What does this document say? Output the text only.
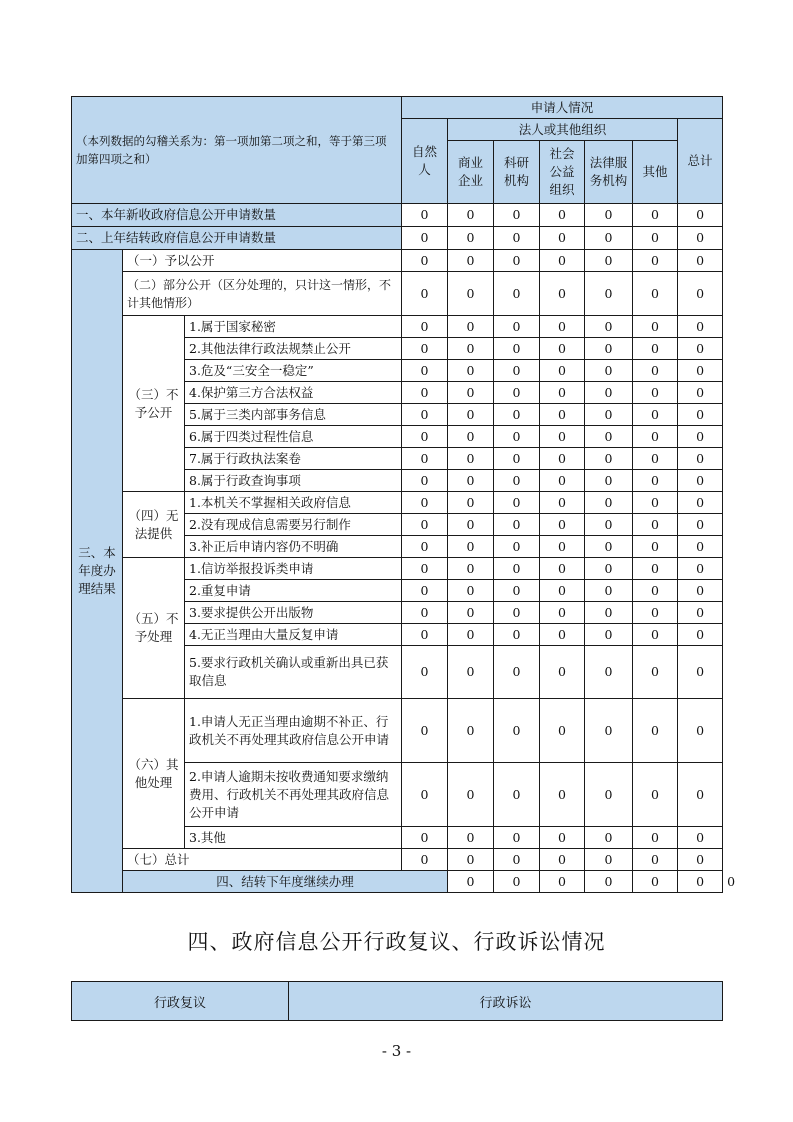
（本列数据的勾稽关系为：第一项加第二项之和，等于第三项加第四项之和）			申请人情况							
			自然人	法人或其他组织					总计	
				商业企业	科研机构	社会公益组织	法律服务机构	其他		
一、本年新收政府信息公开申请数量			0	0	0	0	0	0	0	
二、上年结转政府信息公开申请数量			0	0	0	0	0	0	0	
三、本年度办理结果	（一）予以公开		0	0	0	0	0	0	0	
	（二）部分公开（区分处理的，只计这一情形，不计其他情形）		0	0	0	0	0	0	0	
	（三）不予公开	1.属于国家秘密	0	0	0	0	0	0	0	
		2.其他法律行政法规禁止公开	0	0	0	0	0	0	0	
		3.危及“三安全一稳定”	0	0	0	0	0	0	0	
		4.保护第三方合法权益	0	0	0	0	0	0	0	
		5.属于三类内部事务信息	0	0	0	0	0	0	0	
		6.属于四类过程性信息	0	0	0	0	0	0	0	
		7.属于行政执法案卷	0	0	0	0	0	0	0	
		8.属于行政查询事项	0	0	0	0	0	0	0	
	（四）无法提供	1.本机关不掌握相关政府信息	0	0	0	0	0	0	0	
		2.没有现成信息需要另行制作	0	0	0	0	0	0	0	
		3.补正后申请内容仍不明确	0	0	0	0	0	0	0	
	（五）不予处理	1.信访举报投诉类申请	0	0	0	0	0	0	0	
		2.重复申请	0	0	0	0	0	0	0	
		3.要求提供公开出版物	0	0	0	0	0	0	0	
		4.无正当理由大量反复申请	0	0	0	0	0	0	0	
		5.要求行政机关确认或重新出具已获取信息	0	0	0	0	0	0	0	
	（六）其他处理	1.申请人无正当理由逾期不补正、行政机关不再处理其政府信息公开申请	0	0	0	0	0	0	0	
		2.申请人逾期未按收费通知要求缴纳费用、行政机关不再处理其政府信息公开申请	0	0	0	0	0	0	0	
		3.其他	0	0	0	0	0	0	0	
	（七）总计		0	0	0	0	0	0	0	
	四、结转下年度继续办理			0	0	0	0	0	0	0
四、政府信息公开行政复议、行政诉讼情况
行政复议	行政诉讼
- 3 -
